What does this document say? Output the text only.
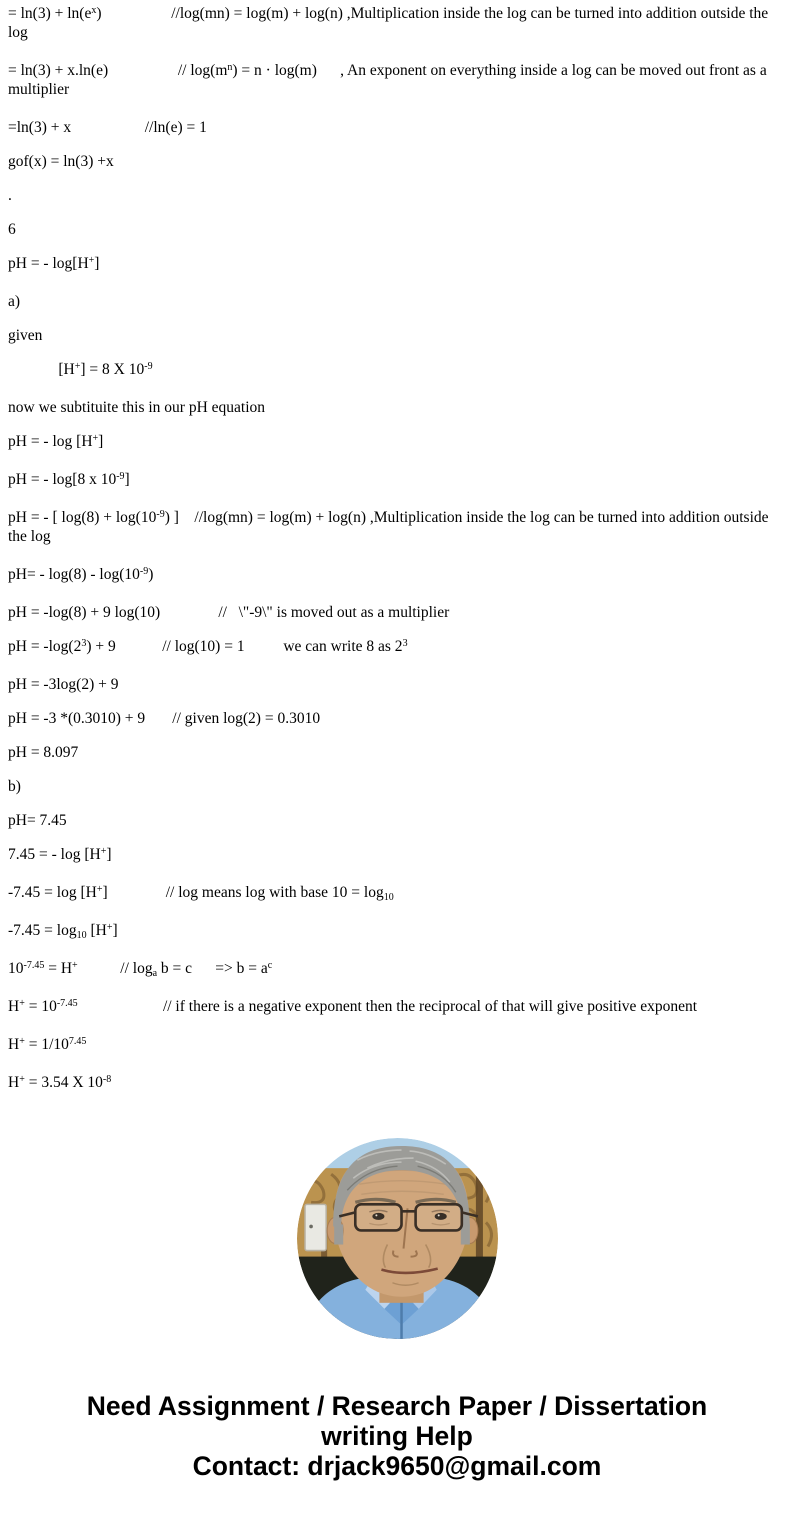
= $\ln(3) + \ln(e^x)$                  //log(mn) = log(m) + log(n) ,Multiplication inside the log can be turned into addition outside the log

= ln(3) + x.ln(e)                  // $\log(m^n) = n \cdot \log(m)$      , An exponent on everything inside a log can be moved out front as a multiplier

=ln(3) + x                   //ln(e) = 1

gof(x) = ln(3) +x

.

6

pH = - log[H+]

a)

given

[H+] = 8 X $10^{-9}$

now we subtituite this in our pH equation

pH = - log [H+]

pH = - log[8 x $10^{-9}$]

pH = - [ $\log(8) + \log(10^{-9})$ ]    //log(mn) = log(m) + log(n) ,Multiplication inside the log can be turned into addition outside the log

$pH= - \log(8) - \log(10^{-9})$

pH = -log(8) + 9 log(10)               //   \"-9\" is moved out as a multiplier

pH = $-\log(2^3) + 9$            // log(10) = 1          we can write 8 as $2^3$

pH = -3log(2) + 9

pH = -3 *(0.3010) + 9       // given log(2) = 0.3010

pH = 8.097

b)

pH= 7.45

7.45 = - log [H+]

-7.45 = log [H+]               // log means log with base $10 = \log_{10}$

$-7.45 = \log_{10} [H^+]$

$10^{-7.45} = H^+$           // $\log_a b = c$      => $b = a^c$

$H^+ = 10^{-7.45}$                      // if there is a negative exponent then the reciprocal of that will give positive exponent

$H^+ = 1/10^{7.45}$

H+ = 3.54 X $10^{-8}$

Need Assignment / Research Paper / Dissertation
writing Help
Contact: drjack9650@gmail.com
